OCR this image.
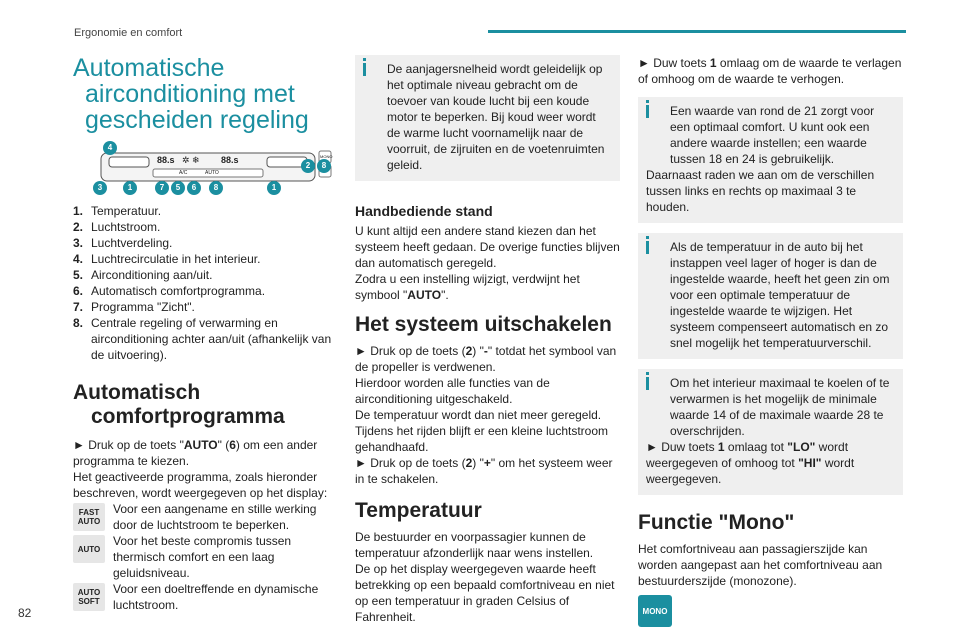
Ergonomie en comfort
82
Automatische
airconditioning met
gescheiden regeling
88.s	88.s
✲ ❄
A/C	AUTO
MONO
4
3	1	7	5	6	8	1
2	8
1. Temperatuur.
2. Luchtstroom.
3. Luchtverdeling.
4. Luchtrecirculatie in het interieur.
5. Airconditioning aan/uit.
6. Automatisch comfortprogramma.
7. Programma "Zicht".
8. Centrale regeling of verwarming en airconditioning achter aan/uit (afhankelijk van de uitvoering).
Automatisch
comfortprogramma

► Druk op de toets "AUTO" (6) om een ander programma te kiezen.

Het geactiveerde programma, zoals hieronder beschreven, wordt weergegeven op het display:

FAST
AUTO
Voor een aangename en stille werking door de luchtstroom te beperken.
AUTO
Voor het beste compromis tussen thermisch comfort en een laag geluidsniveau.
AUTO
SOFT
Voor een doeltreffende en dynamische luchtstroom.

De aanjagersnelheid wordt geleidelijk op het optimale niveau gebracht om de toevoer van koude lucht bij een koude motor te beperken. Bij koud weer wordt de warme lucht voornamelijk naar de voorruit, de zijruiten en de voetenruimten geleid.

Handbediende stand

U kunt altijd een andere stand kiezen dan het systeem heeft gedaan. De overige functies blijven dan automatisch geregeld.

Zodra u een instelling wijzigt, verdwijnt het symbool "AUTO".

Het systeem uitschakelen

► Druk op de toets (2) "-" totdat het symbool van de propeller is verdwenen.

Hierdoor worden alle functies van de airconditioning uitgeschakeld.

De temperatuur wordt dan niet meer geregeld. Tijdens het rijden blijft er een kleine luchtstroom gehandhaafd.

► Druk op de toets (2) "+" om het systeem weer in te schakelen.

Temperatuur

De bestuurder en voorpassagier kunnen de temperatuur afzonderlijk naar wens instellen.

De op het display weergegeven waarde heeft betrekking op een bepaald comfortniveau en niet op een temperatuur in graden Celsius of Fahrenheit.

► Duw toets 1 omlaag om de waarde te verlagen of omhoog om de waarde te verhogen.

Een waarde van rond de 21 zorgt voor een optimaal comfort. U kunt ook een andere waarde instellen; een waarde tussen 18 en 24 is gebruikelijk.

Daarnaast raden we aan om de verschillen tussen links en rechts op maximaal 3 te houden.

Als de temperatuur in de auto bij het instappen veel lager of hoger is dan de ingestelde waarde, heeft het geen zin om voor een optimale temperatuur de ingestelde waarde te wijzigen. Het systeem compenseert automatisch en zo snel mogelijk het temperatuurverschil.

Om het interieur maximaal te koelen of te verwarmen is het mogelijk de minimale waarde 14 of de maximale waarde 28 te overschrijden.

► Duw toets 1 omlaag tot "LO" wordt weergegeven of omhoog tot "HI" wordt weergegeven.

Functie "Mono"

Het comfortniveau aan passagierszijde kan worden aangepast aan het comfortniveau aan bestuurderszijde (monozone).

MONO
